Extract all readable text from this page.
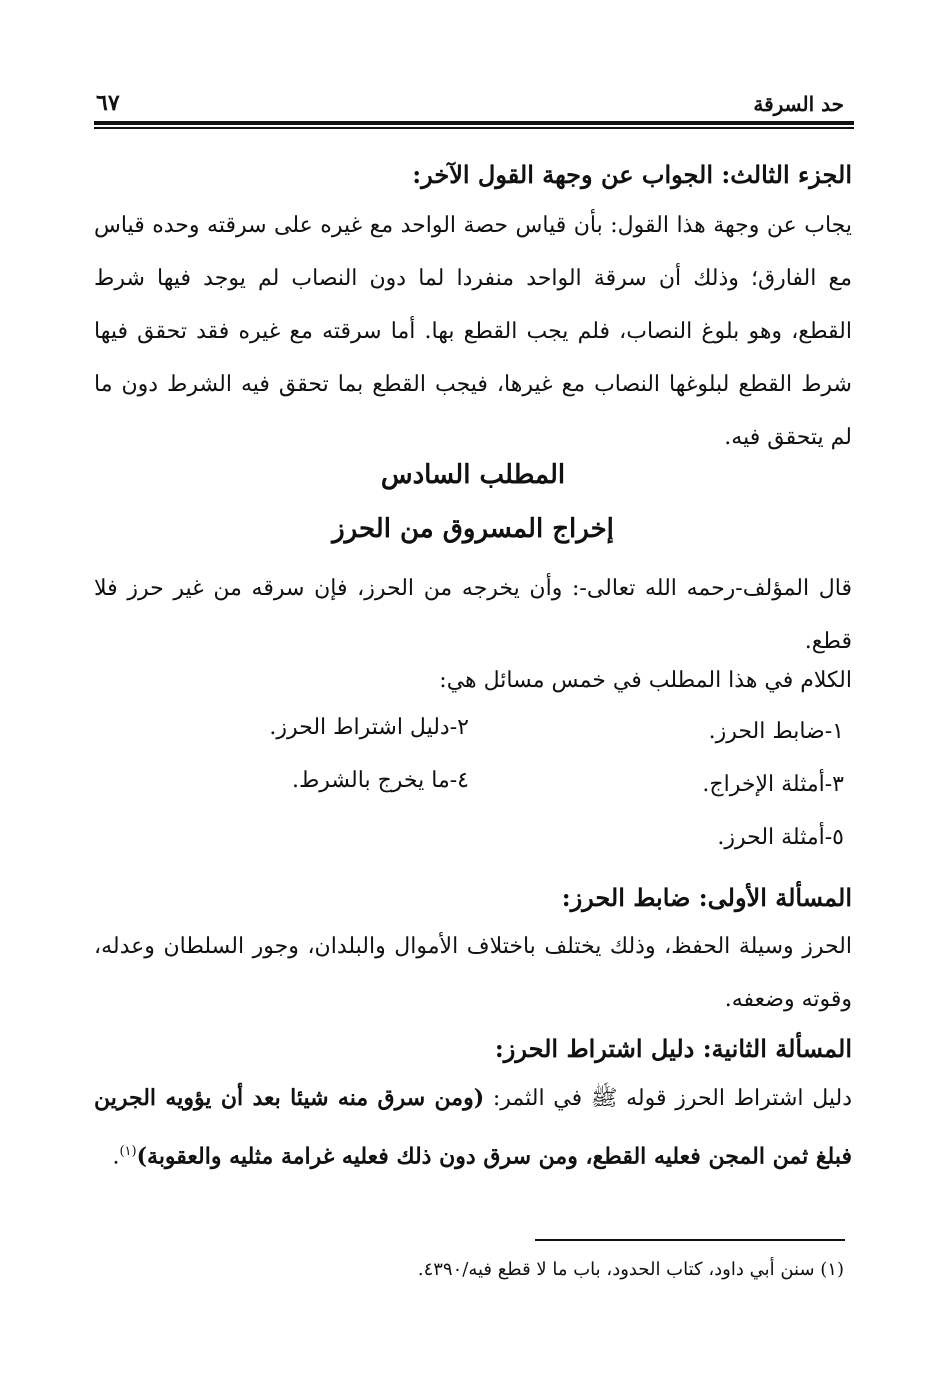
حد السرقة
٦٧
الجزء الثالث: الجواب عن وجهة القول الآخر:
يجاب عن وجهة هذا القول: بأن قياس حصة الواحد مع غيره على سرقته وحده قياس مع الفارق؛ وذلك أن سرقة الواحد منفردا لما دون النصاب لم يوجد فيها شرط القطع، وهو بلوغ النصاب، فلم يجب القطع بها. أما سرقته مع غيره فقد تحقق فيها شرط القطع لبلوغها النصاب مع غيرها، فيجب القطع بما تحقق فيه الشرط دون ما لم يتحقق فيه.
المطلب السادس
إخراج المسروق من الحرز
قال المؤلف-رحمه الله تعالى-: وأن يخرجه من الحرز، فإن سرقه من غير حرز فلا قطع.
الكلام في هذا المطلب في خمس مسائل هي:
١-ضابط الحرز.
٢-دليل اشتراط الحرز.
٣-أمثلة الإخراج.
٤-ما يخرج بالشرط.
٥-أمثلة الحرز.
المسألة الأولى: ضابط الحرز:
الحرز وسيلة الحفظ، وذلك يختلف باختلاف الأموال والبلدان، وجور السلطان وعدله، وقوته وضعفه.
المسألة الثانية: دليل اشتراط الحرز:
دليل اشتراط الحرز قوله ﷺ في الثمر: (ومن سرق منه شيئا بعد أن يؤويه الجرين فبلغ ثمن المجن فعليه القطع، ومن سرق دون ذلك فعليه غرامة مثليه والعقوبة)$^{(١)}$.
(١) سنن أبي داود، كتاب الحدود، باب ما لا قطع فيه/٤٣٩٠.
